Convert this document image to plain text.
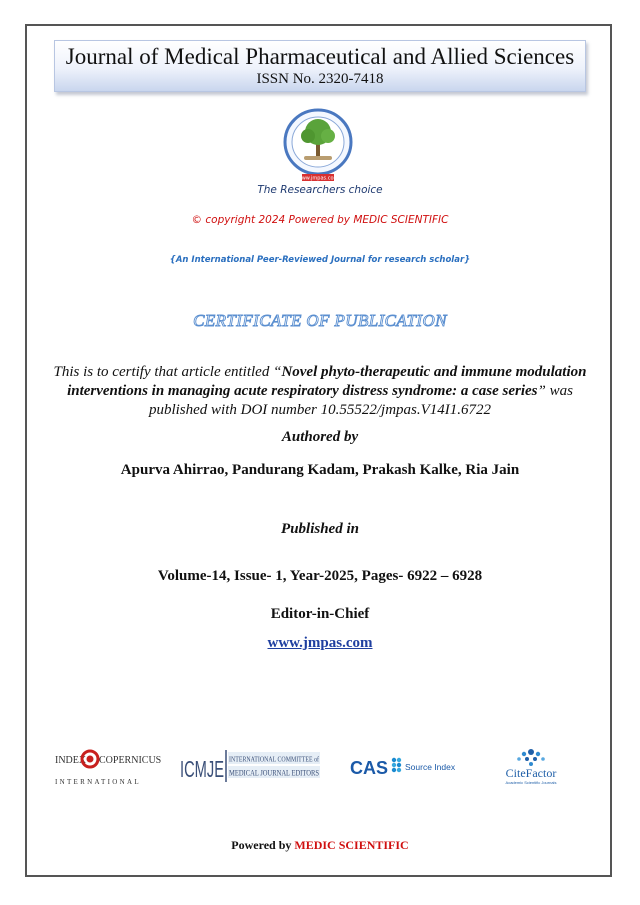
Journal of Medical Pharmaceutical and Allied Sciences
ISSN No. 2320-7418
www.jmpas.com
The Researchers choice
© copyright 2024 Powered by MEDIC SCIENTIFIC
{An International Peer-Reviewed Journal for research scholar}
CERTIFICATE OF PUBLICATION
This is to certify that article entitled “Novel phyto-therapeutic and immune modulation interventions in managing acute respiratory distress syndrome: a case series” was published with DOI number 10.55522/jmpas.V14I1.6722
Authored by
Apurva Ahirrao, Pandurang Kadam, Prakash Kalke, Ria Jain
Published in
Volume-14, Issue- 1, Year-2025, Pages- 6922 – 6928
Editor-in-Chief
www.jmpas.com
INDEX COPERNICUS
INTERNATIONAL ICMJE INTERNATIONAL COMMITTEE of
MEDICAL JOURNAL EDITORS CAS Source Index	CiteFactor
Academic Scientific Journals
Powered by MEDIC SCIENTIFIC
